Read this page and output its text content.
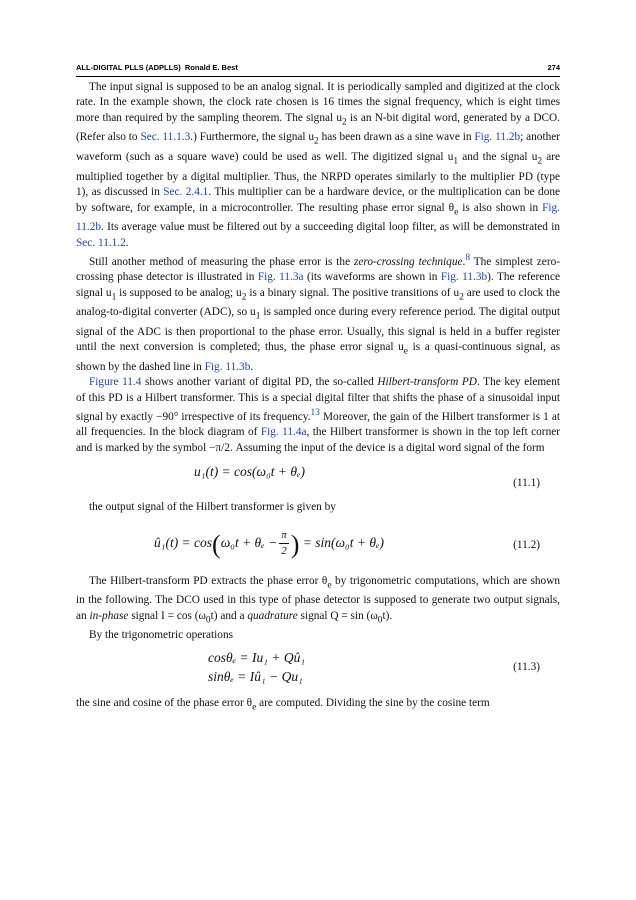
ALL-DIGITAL PLLS (ADPLLS) Ronald E. Best	274

The input signal is supposed to be an analog signal. It is periodically sampled and digitized at the clock rate. In the example shown, the clock rate chosen is 16 times the signal frequency, which is eight times more than required by the sampling theorem. The signal $u_2$ is an N-bit digital word, generated by a DCO. (Refer also to Sec. 11.1.3.) Furthermore, the signal $u_2$ has been drawn as a sine wave in Fig. 11.2b; another waveform (such as a square wave) could be used as well. The digitized signal $u_1$ and the signal $u_2$ are multiplied together by a digital multiplier. Thus, the NRPD operates similarly to the multiplier PD (type 1), as discussed in Sec. 2.4.1. This multiplier can be a hardware device, or the multiplication can be done by software, for example, in a microcontroller. The resulting phase error signal $\theta_e$ is also shown in Fig. 11.2b. Its average value must be filtered out by a succeeding digital loop filter, as will be demonstrated in Sec. 11.1.2.

Still another method of measuring the phase error is the zero-crossing technique.$^8$ The simplest zero-crossing phase detector is illustrated in Fig. 11.3a (its waveforms are shown in Fig. 11.3b). The reference signal $u_1$ is supposed to be analog; $u_2$ is a binary signal. The positive transitions of $u_2$ are used to clock the analog-to-digital converter (ADC), so $u_1$ is sampled once during every reference period. The digital output signal of the ADC is then proportional to the phase error. Usually, this signal is held in a buffer register until the next conversion is completed; thus, the phase error signal $u_e$ is a quasi-continuous signal, as shown by the dashed line in Fig. 11.3b.

Figure 11.4 shows another variant of digital PD, the so-called Hilbert-transform PD. The key element of this PD is a Hilbert transformer. This is a special digital filter that shifts the phase of a sinusoidal input signal by exactly −90° irrespective of its frequency.$^{13}$ Moreover, the gain of the Hilbert transformer is 1 at all frequencies. In the block diagram of Fig. 11.4a, the Hilbert transformer is shown in the top left corner and is marked by the symbol −π/2. Assuming the input of the device is a digital word signal of the form

u₁(t) = cos(ω₀t + θₑ)
(11.1)

the output signal of the Hilbert transformer is given by

û₁(t) = $\cos(\omega_0t + \theta_e - \frac{\pi}{2}$ ) = sin(ω₀t + θₑ)	(11.2)

The Hilbert-transform PD extracts the phase error $\theta_e$ by trigonometric computations, which are shown in the following. The DCO used in this type of phase detector is supposed to generate two output signals, an in-phase signal $I = \cos (\omega_0t)$ and a quadrature signal $Q = \sin (\omega_0t)$.

By the trigonometric operations

cosθₑ = Iu₁ + Qû₁
sinθₑ = Iû₁ − Qu₁
(11.3)

the sine and cosine of the phase error $\theta_e$ are computed. Dividing the sine by the cosine term
